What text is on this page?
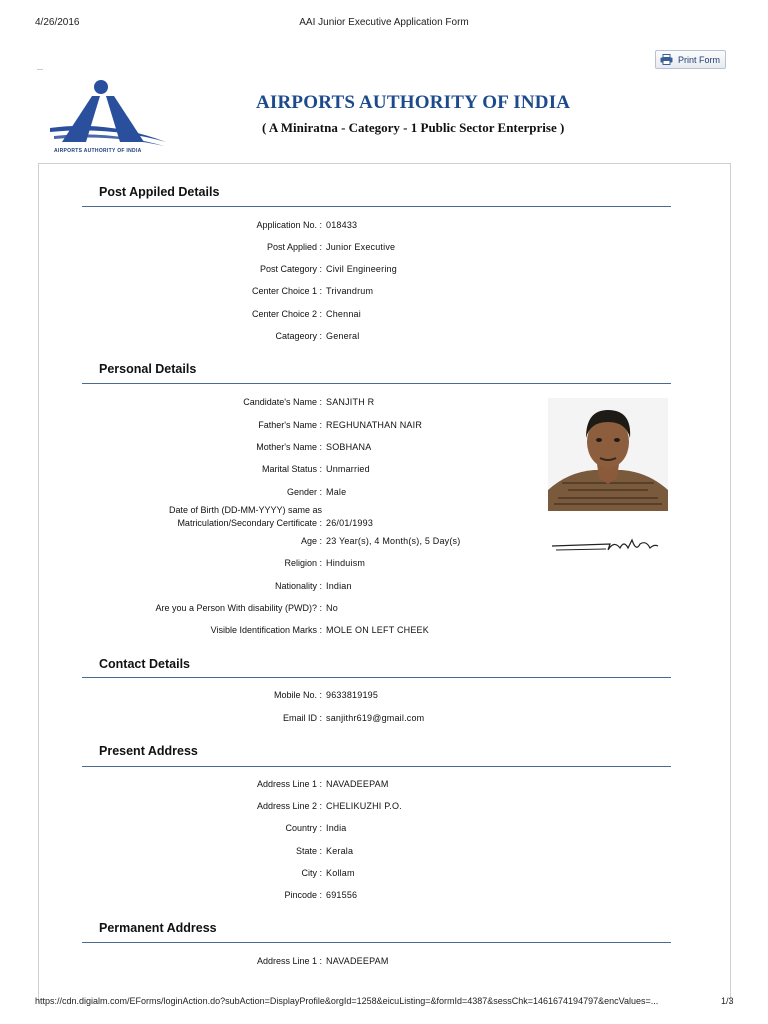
4/26/2016	AAI Junior Executive Application Form
Print Form
AIRPORTS AUTHORITY OF INDIA
AIRPORTS AUTHORITY OF INDIA
( A Miniratna - Category - 1 Public Sector Enterprise )
Post Appiled Details
Application No. : 018433
Post Applied : Junior Executive
Post Category : Civil Engineering
Center Choice 1 : Trivandrum
Center Choice 2 : Chennai
Catageory : General
Personal Details
Candidate's Name : SANJITH R
Father's Name : REGHUNATHAN NAIR
Mother's Name : SOBHANA
Marital Status : Unmarried
Gender : Male
Date of Birth (DD-MM-YYYY) same as
Matriculation/Secondary Certificate : 26/01/1993
Age : 23 Year(s), 4 Month(s), 5 Day(s)
Religion : Hinduism
Nationality : Indian
Are you a Person With disability (PWD)? : No
Visible Identification Marks : MOLE ON LEFT CHEEK
Contact Details
Mobile No. : 9633819195
Email ID : sanjithr619@gmail.com
Present Address
Address Line 1 : NAVADEEPAM
Address Line 2 : CHELIKUZHI P.O.
Country : India
State : Kerala
City : Kollam
Pincode : 691556
Permanent Address
Address Line 1 : NAVADEEPAM
https://cdn.digialm.com/EForms/loginAction.do?subAction=DisplayProfile&orgId=1258&eicuListing=&formId=4387&sessChk=1461674194797&encValues=...	1/3
